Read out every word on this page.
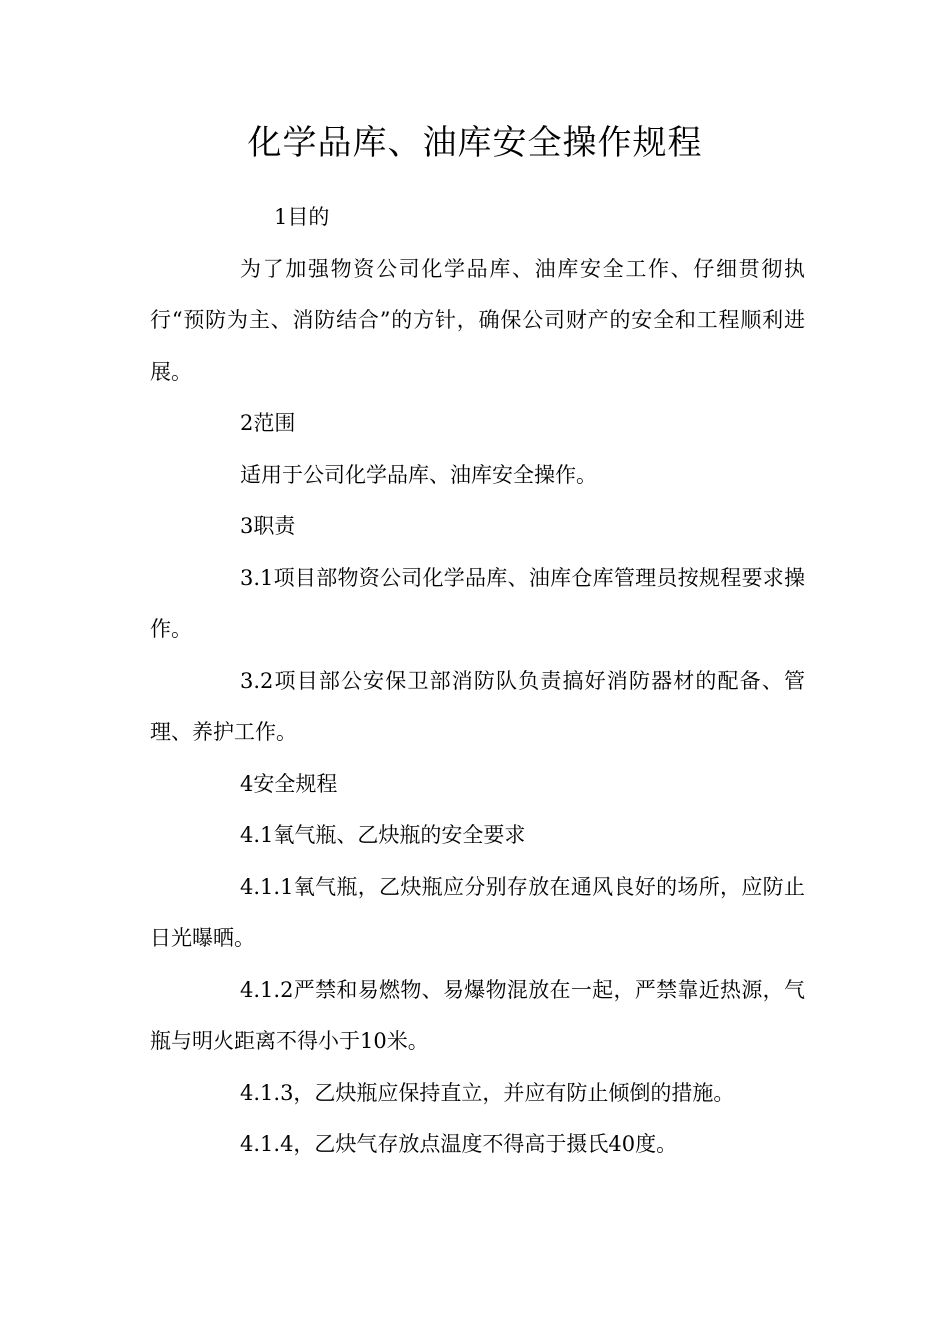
化学品库、油库安全操作规程

1目的

为了加强物资公司化学品库、油库安全工作、仔细贯彻执行“预防为主、消防结合”的方针，确保公司财产的安全和工程顺利进展。

2范围

适用于公司化学品库、油库安全操作。

3职责

3.1项目部物资公司化学品库、油库仓库管理员按规程要求操作。

3.2项目部公安保卫部消防队负责搞好消防器材的配备、管理、养护工作。

4安全规程

4.1氧气瓶、乙炔瓶的安全要求

4.1.1氧气瓶，乙炔瓶应分别存放在通风良好的场所，应防止日光曝晒。

4.1.2严禁和易燃物、易爆物混放在一起，严禁靠近热源，气瓶与明火距离不得小于10米。

4.1.3，乙炔瓶应保持直立，并应有防止倾倒的措施。

4.1.4，乙炔气存放点温度不得高于摄氏40度。
